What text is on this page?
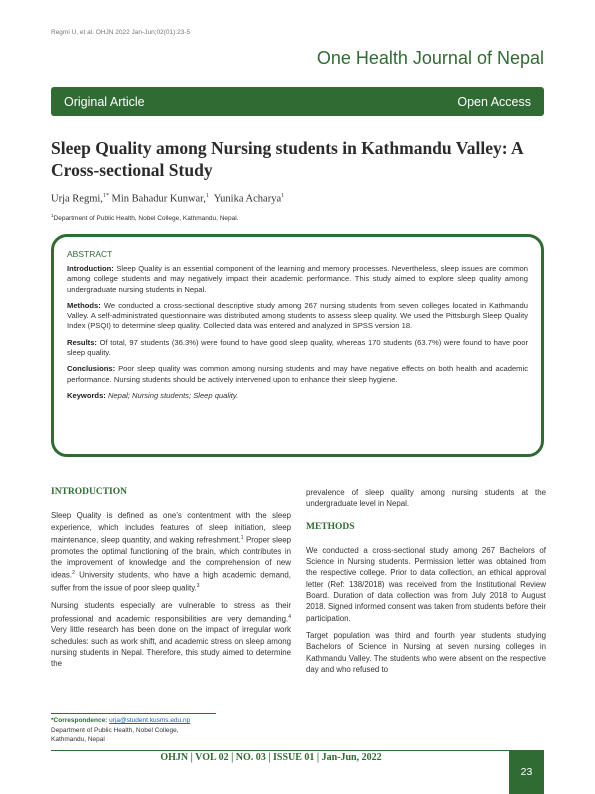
Regmi U, et al. OHJN 2022 Jan-Jun;02(01):23-5
One Health Journal of Nepal
Original Article	Open Access
Sleep Quality among Nursing students in Kathmandu Valley: A Cross-sectional Study
Urja Regmi,$^{1*}$ Min Bahadur Kunwar,$^1$ Yunika Acharya$^1$
$^1$Department of Public Health, Nobel College, Kathmandu, Nepal.
ABSTRACT

Introduction: Sleep Quality is an essential component of the learning and memory processes. Nevertheless, sleep issues are common among college students and may negatively impact their academic performance. This study aimed to explore sleep quality among undergraduate nursing students in Nepal.

Methods: We conducted a cross-sectional descriptive study among 267 nursing students from seven colleges located in Kathmandu Valley. A self-administrated questionnaire was distributed among students to assess sleep quality. We used the Pittsburgh Sleep Quality Index (PSQI) to determine sleep quality. Collected data was entered and analyzed in SPSS version 18.

Results: Of total, 97 students (36.3%) were found to have good sleep quality, whereas 170 students (63.7%) were found to have poor sleep quality.

Conclusions: Poor sleep quality was common among nursing students and may have negative effects on both health and academic performance. Nursing students should be actively intervened upon to enhance their sleep hygiene.

Keywords: Nepal; Nursing students; Sleep quality.

INTRODUCTION

Sleep Quality is defined as one’s contentment with the sleep experience, which includes features of sleep initiation, sleep maintenance, sleep quantity, and waking refreshment.$^1$ Proper sleep promotes the optimal functioning of the brain, which contributes in the improvement of knowledge and the comprehension of new ideas.$^2$ University students, who have a high academic demand, suffer from the issue of poor sleep quality.$^3$

Nursing students especially are vulnerable to stress as their professional and academic responsibilities are very demanding.$^4$ Very little research has been done on the impact of irregular work schedules: such as work shift, and academic stress on sleep among nursing students in Nepal. Therefore, this study aimed to determine the

prevalence of sleep quality among nursing students at the undergraduate level in Nepal.

METHODS

We conducted a cross-sectional study among 267 Bachelors of Science in Nursing students. Permission letter was obtained from the respective college. Prior to data collection, an ethical approval letter (Ref: 138/2018) was received from the Institutional Review Board. Duration of data collection was from July 2018 to August 2018. Signed informed consent was taken from students before their participation.

Target population was third and fourth year students studying Bachelors of Science in Nursing at seven nursing colleges in Kathmandu Valley. The students who were absent on the respective day and who refused to

*Correspondence: urja@student.kusms.edu.np
Department of Public Health, Nobel College,
Kathmandu, Nepal
OHJN | VOL 02 | NO. 03 | ISSUE 01 | Jan-Jun, 2022
23
